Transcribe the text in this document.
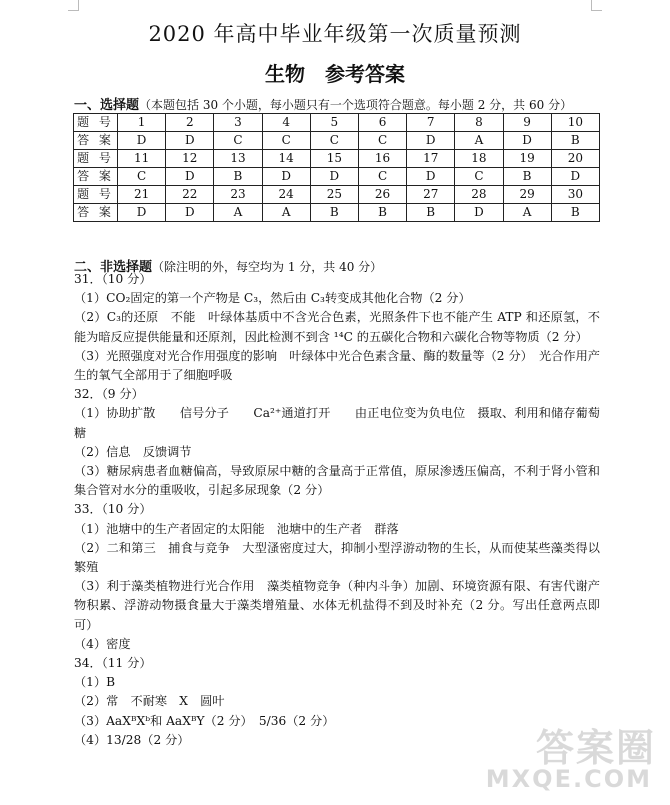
2020 年高中毕业年级第一次质量预测
生物　参考答案
一、选择题（本题包括 30 个小题，每小题只有一个选项符合题意。每小题 2 分，共 60 分）
题 号	1	2	3	4	5	6	7	8	9	10
答 案	D	D	C	C	C	C	D	A	D	B
题 号	11	12	13	14	15	16	17	18	19	20
答 案	C	D	B	D	D	C	D	C	B	D
题 号	21	22	23	24	25	26	27	28	29	30
答 案	D	D	A	A	B	B	B	D	A	B
二、非选择题（除注明的外，每空均为 1 分，共 40 分）

31．（10 分）

（1）CO₂固定的第一个产物是 C₃，然后由 C₃转变成其他化合物（2 分）

（2）C₃的还原　不能　叶绿体基质中不含光合色素，光照条件下也不能产生 ATP 和还原氢，不能为暗反应提供能量和还原剂，因此检测不到含 ¹⁴C 的五碳化合物和六碳化合物等物质（2 分）

（3）光照强度对光合作用强度的影响　叶绿体中光合色素含量、酶的数量等（2 分）　光合作用产生的氧气全部用于了细胞呼吸

32．（9 分）

（1）协助扩散　　信号分子　　Ca²⁺通道打开　　由正电位变为负电位　摄取、利用和储存葡萄糖

（2）信息　反馈调节

（3）糖尿病患者血糖偏高，导致原尿中糖的含量高于正常值，原尿渗透压偏高，不利于肾小管和集合管对水分的重吸收，引起多尿现象（2 分）

33．（10 分）

（1）池塘中的生产者固定的太阳能　池塘中的生产者　群落

（2）二和第三　捕食与竞争　大型溞密度过大，抑制小型浮游动物的生长，从而使某些藻类得以繁殖

（3）利于藻类植物进行光合作用　藻类植物竞争（种内斗争）加剧、环境资源有限、有害代谢产物积累、浮游动物摄食量大于藻类增殖量、水体无机盐得不到及时补充（2 分。写出任意两点即可）

（4）密度

34．（11 分）

（1）B

（2）常　不耐寒　X　圆叶

（3）AaXᴮXᵇ和 AaXᴮY（2 分）　5/36（2 分）

（4）13/28（2 分）	答案圈
MXQE.COM
